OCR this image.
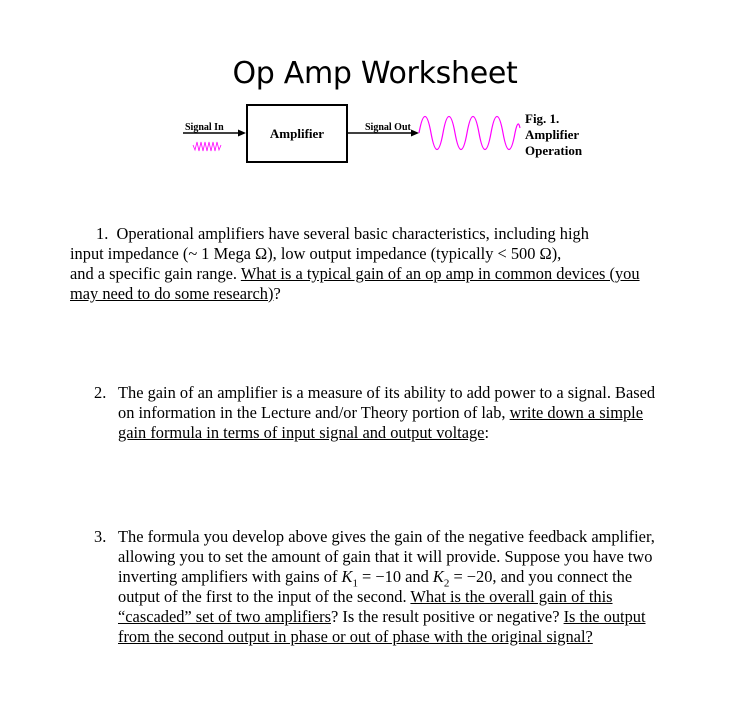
Op Amp Worksheet
Signal In	Signal Out
Amplifier
Fig. 1.
Amplifier
Operation
1. Operational amplifiers have several basic characteristics, including high
input impedance (~ 1 Mega Ω), low output impedance (typically < 500 Ω),
and a specific gain range. What is a typical gain of an op amp in common devices (you
may need to do some research)?
2. The gain of an amplifier is a measure of its ability to add power to a signal. Based
on information in the Lecture and/or Theory portion of lab, write down a simple
gain formula in terms of input signal and output voltage:
3. The formula you develop above gives the gain of the negative feedback amplifier,
allowing you to set the amount of gain that it will provide. Suppose you have two
inverting amplifiers with gains of $K_1 = -10$ and $K_2 = -20$, and you connect the
output of the first to the input of the second. What is the overall gain of this
“cascaded” set of two amplifiers? Is the result positive or negative? Is the output
from the second output in phase or out of phase with the original signal?
